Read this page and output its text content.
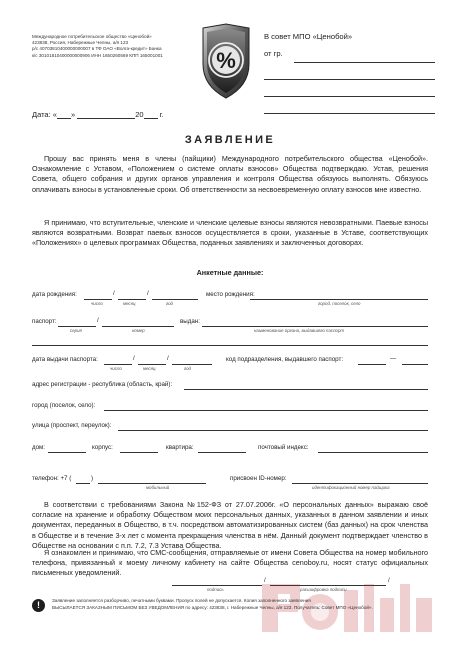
Международное потребительское общество «Ценобой»
423838, Россия, Набережные Челны, а/я 123
р/с 40703810400000000007 в ТФ ОАО «Волга-кредит» Банка
к/с 30101810400000000906 ИНН 1650260569 КПП 165001001	%
В совет МПО «Ценобой»
от гр.
Дата: « »	20 г.
ЗАЯВЛЕНИЕ

Прошу вас принять меня в члены (пайщики) Международного потребительского общества «Ценобой». Ознакомление с Уставом, «Положением о системе оплаты взносов» Общества подтверждаю. Устав, решения Совета, общего собрания и других органов управления и контроля Общества обязуюсь выполнять. Обязуюсь оплачивать взносы в установленные сроки. Об ответственности за несвоевременную оплату взносов мне известно.

Я принимаю, что вступительные, членские и членские целевые взносы являются невозвратными. Паевые взносы являются возвратными. Возврат паевых взносов осуществляется в сроки, указанные в Уставе, соответствующих «Положениях» о целевых программах Общества, поданных заявлениях и заключенных договорах.

Анкетные данные:
дата рождения:	/	/	место рождения:
число	месяц	год	город, поселок, село
паспорт:	/	выдан:
серия	номер	наименование органа, выдавшего паспорт
дата выдачи паспорта:	/	/	код подразделения, выдавшего паспорт:	—
число	месяц	год
адрес регистрации - республика (область, край):
город (поселок, село):
улица (проспект, переулок):
дом:	корпус:	квартира:	почтовый индекс:
телефон: +7 (	)
мобильный
присвоен ID-номер:
идентификационный номер пайщика

В соответствии с требованиями Закона №152-ФЗ от 27.07.2006г. «О персональных данных» выражаю своё согласие на хранение и обработку Обществом моих персональных данных, указанных в данном заявлении и иных документах, переданных в Общество, в т.ч. посредством автоматизированных систем (баз данных) на срок членства в Обществе и в течение 3-х лет с момента прекращения членства в нём. Данный документ подтверждает членство в Обществе на основании с п.п. 7.2, 7.3 Устава Общества.

Я ознакомлен и принимаю, что СМС-сообщения, отправляемые от имени Совета Общества на номер мобильного телефона, привязанный к моему личному кабинету на сайте Общества cenoboy.ru, носят статус официальных письменных уведомлений.

/	/
подпись	расшифровка подписи
!	Заявление заполняется разборчиво, печатными буквами. Пропуск полей не допускается. Копия заполненного заявления
ВЫСЫЛАЕТСЯ ЗАКАЗНЫМ ПИСЬМОМ БЕЗ УВЕДОМЛЕНИЯ по адресу: 423838, г. Набережные Челны, а/я 123. Получатель: Совет МПО «Ценобой».
